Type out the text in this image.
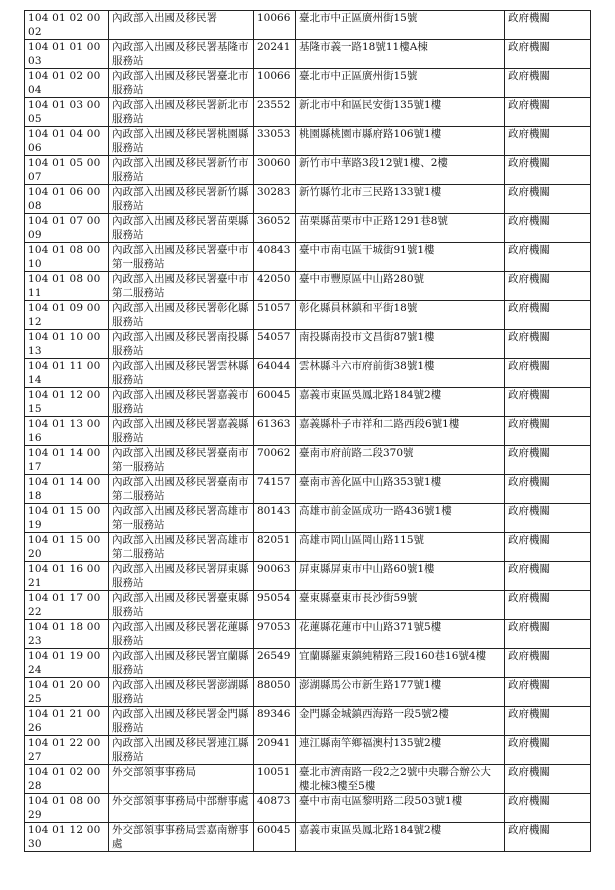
104 01 02 0002	內政部入出國及移民署	10066	臺北市中正區廣州街15號	政府機關
104 01 01 0003	內政部入出國及移民署基隆市服務站	20241	基隆市義一路18號11樓A棟	政府機關
104 01 02 0004	內政部入出國及移民署臺北市服務站	10066	臺北市中正區廣州街15號	政府機關
104 01 03 0005	內政部入出國及移民署新北市服務站	23552	新北市中和區民安街135號1樓	政府機關
104 01 04 0006	內政部入出國及移民署桃園縣服務站	33053	桃園縣桃園市縣府路106號1樓	政府機關
104 01 05 0007	內政部入出國及移民署新竹市服務站	30060	新竹市中華路3段12號1樓、2樓	政府機關
104 01 06 0008	內政部入出國及移民署新竹縣服務站	30283	新竹縣竹北市三民路133號1樓	政府機關
104 01 07 0009	內政部入出國及移民署苗栗縣服務站	36052	苗栗縣苗栗市中正路1291巷8號	政府機關
104 01 08 0010	內政部入出國及移民署臺中市第一服務站	40843	臺中市南屯區干城街91號1樓	政府機關
104 01 08 0011	內政部入出國及移民署臺中市第二服務站	42050	臺中市豐原區中山路280號	政府機關
104 01 09 0012	內政部入出國及移民署彰化縣服務站	51057	彰化縣員林鎮和平街18號	政府機關
104 01 10 0013	內政部入出國及移民署南投縣服務站	54057	南投縣南投市文昌街87號1樓	政府機關
104 01 11 0014	內政部入出國及移民署雲林縣服務站	64044	雲林縣斗六市府前街38號1樓	政府機關
104 01 12 0015	內政部入出國及移民署嘉義市服務站	60045	嘉義市東區吳鳳北路184號2樓	政府機關
104 01 13 0016	內政部入出國及移民署嘉義縣服務站	61363	嘉義縣朴子市祥和二路西段6號1樓	政府機關
104 01 14 0017	內政部入出國及移民署臺南市第一服務站	70062	臺南市府前路二段370號	政府機關
104 01 14 0018	內政部入出國及移民署臺南市第二服務站	74157	臺南市善化區中山路353號1樓	政府機關
104 01 15 0019	內政部入出國及移民署高雄市第一服務站	80143	高雄市前金區成功一路436號1樓	政府機關
104 01 15 0020	內政部入出國及移民署高雄市第二服務站	82051	高雄市岡山區岡山路115號	政府機關
104 01 16 0021	內政部入出國及移民署屏東縣服務站	90063	屏東縣屏東市中山路60號1樓	政府機關
104 01 17 0022	內政部入出國及移民署臺東縣服務站	95054	臺東縣臺東市長沙街59號	政府機關
104 01 18 0023	內政部入出國及移民署花蓮縣服務站	97053	花蓮縣花蓮市中山路371號5樓	政府機關
104 01 19 0024	內政部入出國及移民署宜蘭縣服務站	26549	宜蘭縣羅東鎮純精路三段160巷16號4樓	政府機關
104 01 20 0025	內政部入出國及移民署澎湖縣服務站	88050	澎湖縣馬公市新生路177號1樓	政府機關
104 01 21 0026	內政部入出國及移民署金門縣服務站	89346	金門縣金城鎮西海路一段5號2樓	政府機關
104 01 22 0027	內政部入出國及移民署連江縣服務站	20941	連江縣南竿鄉福澳村135號2樓	政府機關
104 01 02 0028	外交部領事事務局	10051	臺北市濟南路一段2之2號中央聯合辦公大樓北棟3樓至5樓	政府機關
104 01 08 0029	外交部領事事務局中部辦事處	40873	臺中市南屯區黎明路二段503號1樓	政府機關
104 01 12 0030	外交部領事事務局雲嘉南辦事處	60045	嘉義市東區吳鳳北路184號2樓	政府機關
